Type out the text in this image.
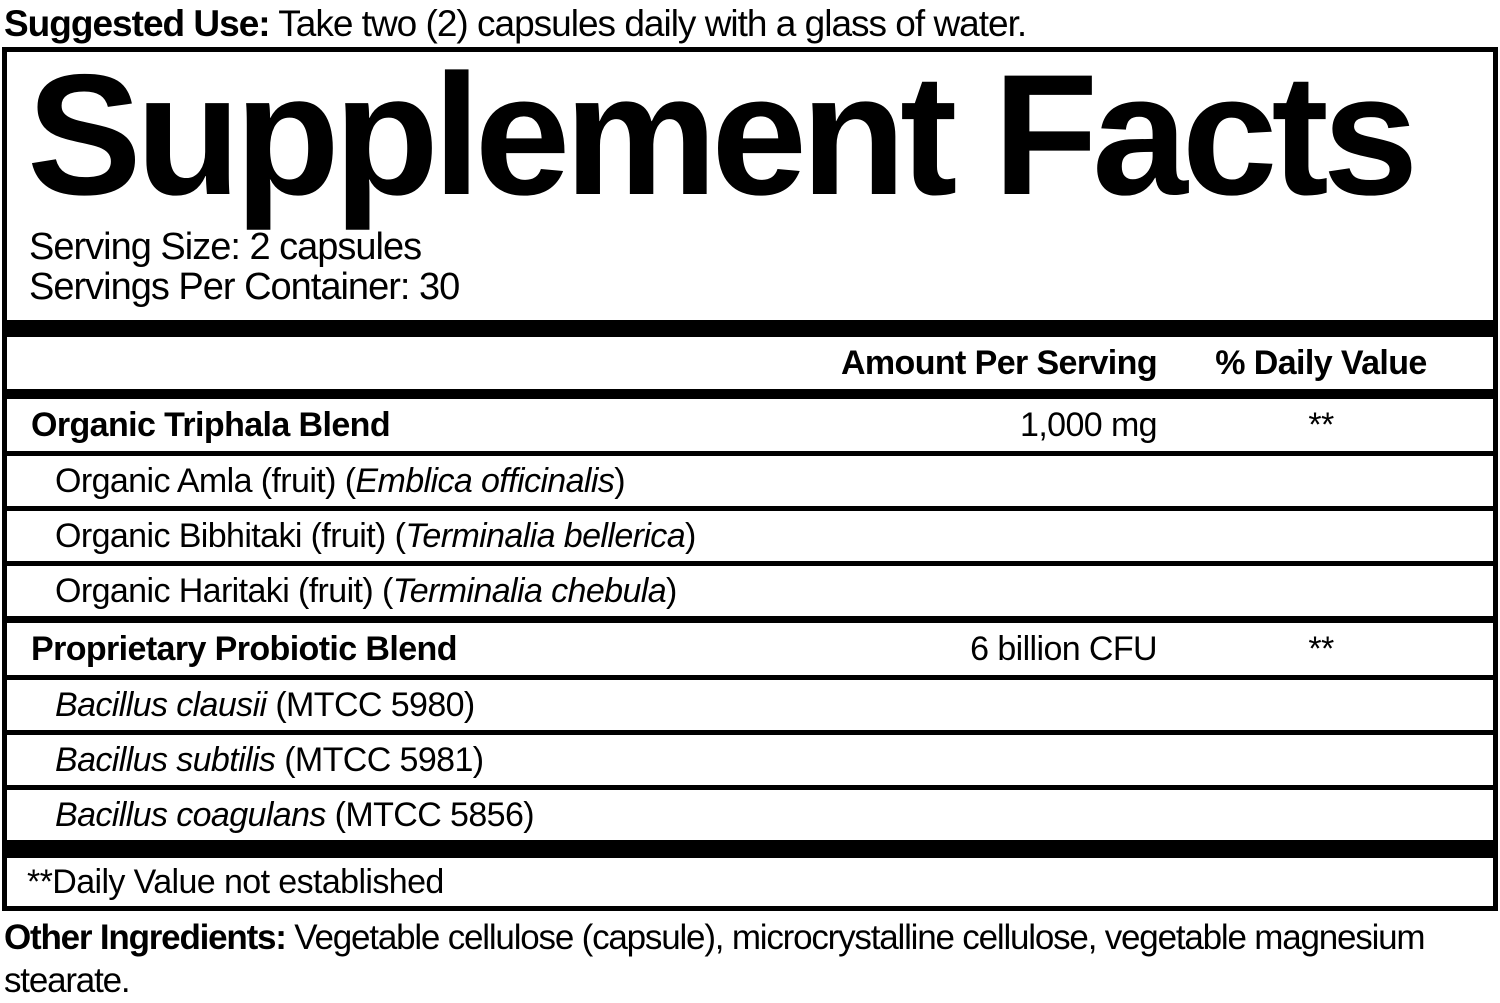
Suggested Use: Take two (2) capsules daily with a glass of water.

Supplement Facts

Serving Size: 2 capsules

Servings Per Container: 30

Amount Per Serving	% Daily Value
Organic Triphala Blend	1,000 mg	**
Organic Amla (fruit) (Emblica officinalis)
Organic Bibhitaki (fruit) (Terminalia bellerica)
Organic Haritaki (fruit) (Terminalia chebula)
Proprietary Probiotic Blend	6 billion CFU	**
Bacillus clausii (MTCC 5980)
Bacillus subtilis (MTCC 5981)
Bacillus coagulans (MTCC 5856)

**Daily Value not established

Other Ingredients: Vegetable cellulose (capsule), microcrystalline cellulose, vegetable magnesium stearate.
